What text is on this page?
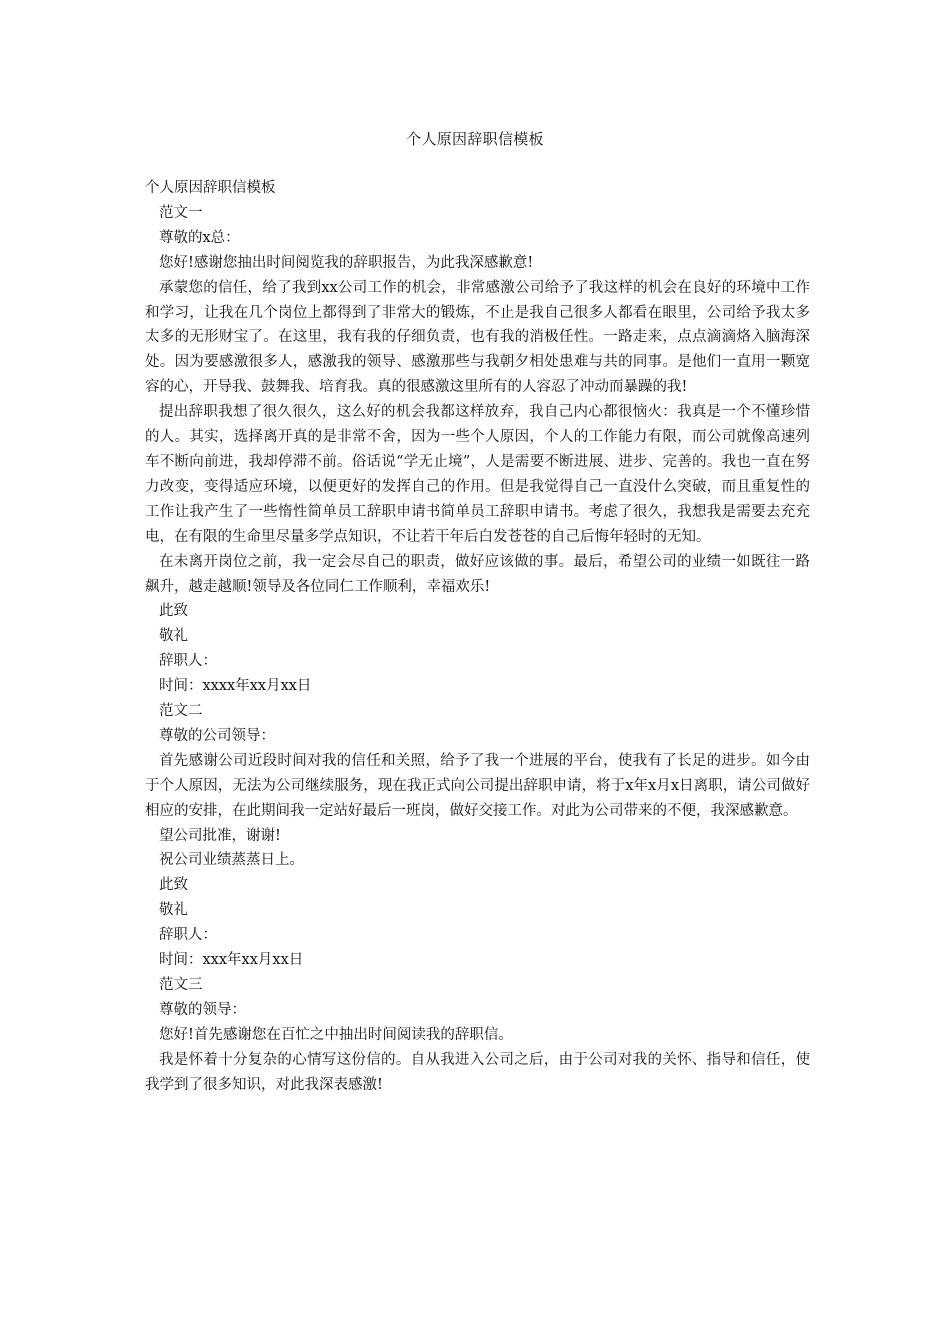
个人原因辞职信模板

个人原因辞职信模板

范文一

尊敬的x总：

您好!感谢您抽出时间阅览我的辞职报告，为此我深感歉意!

承蒙您的信任，给了我到xx公司工作的机会，非常感激公司给予了我这样的机会在良好的环境中工作和学习，让我在几个岗位上都得到了非常大的锻炼，不止是我自己很多人都看在眼里，公司给予我太多太多的无形财宝了。在这里，我有我的仔细负责，也有我的消极任性。一路走来，点点滴滴烙入脑海深处。因为要感激很多人，感激我的领导、感激那些与我朝夕相处患难与共的同事。是他们一直用一颗宽容的心，开导我、鼓舞我、培育我。真的很感激这里所有的人容忍了冲动而暴躁的我!

提出辞职我想了很久很久，这么好的机会我都这样放弃，我自己内心都很恼火：我真是一个不懂珍惜的人。其实，选择离开真的是非常不舍，因为一些个人原因，个人的工作能力有限，而公司就像高速列车不断向前进，我却停滞不前。俗话说“学无止境”，人是需要不断进展、进步、完善的。我也一直在努力改变，变得适应环境，以便更好的发挥自己的作用。但是我觉得自己一直没什么突破，而且重复性的工作让我产生了一些惰性简单员工辞职申请书简单员工辞职申请书。考虑了很久，我想我是需要去充充电，在有限的生命里尽量多学点知识，不让若干年后白发苍苍的自己后悔年轻时的无知。

在未离开岗位之前，我一定会尽自己的职责，做好应该做的事。最后，希望公司的业绩一如既往一路飙升，越走越顺!领导及各位同仁工作顺利，幸福欢乐!

此致

敬礼

辞职人：

时间：xxxx年xx月xx日

范文二

尊敬的公司领导：

首先感谢公司近段时间对我的信任和关照，给予了我一个进展的平台，使我有了长足的进步。如今由于个人原因，无法为公司继续服务，现在我正式向公司提出辞职申请，将于x年x月x日离职，请公司做好相应的安排，在此期间我一定站好最后一班岗，做好交接工作。对此为公司带来的不便，我深感歉意。

望公司批准，谢谢!

祝公司业绩蒸蒸日上。

此致

敬礼

辞职人：

时间：xxx年xx月xx日

范文三

尊敬的领导：

您好!首先感谢您在百忙之中抽出时间阅读我的辞职信。

我是怀着十分复杂的心情写这份信的。自从我进入公司之后，由于公司对我的关怀、指导和信任，使我学到了很多知识，对此我深表感激!
